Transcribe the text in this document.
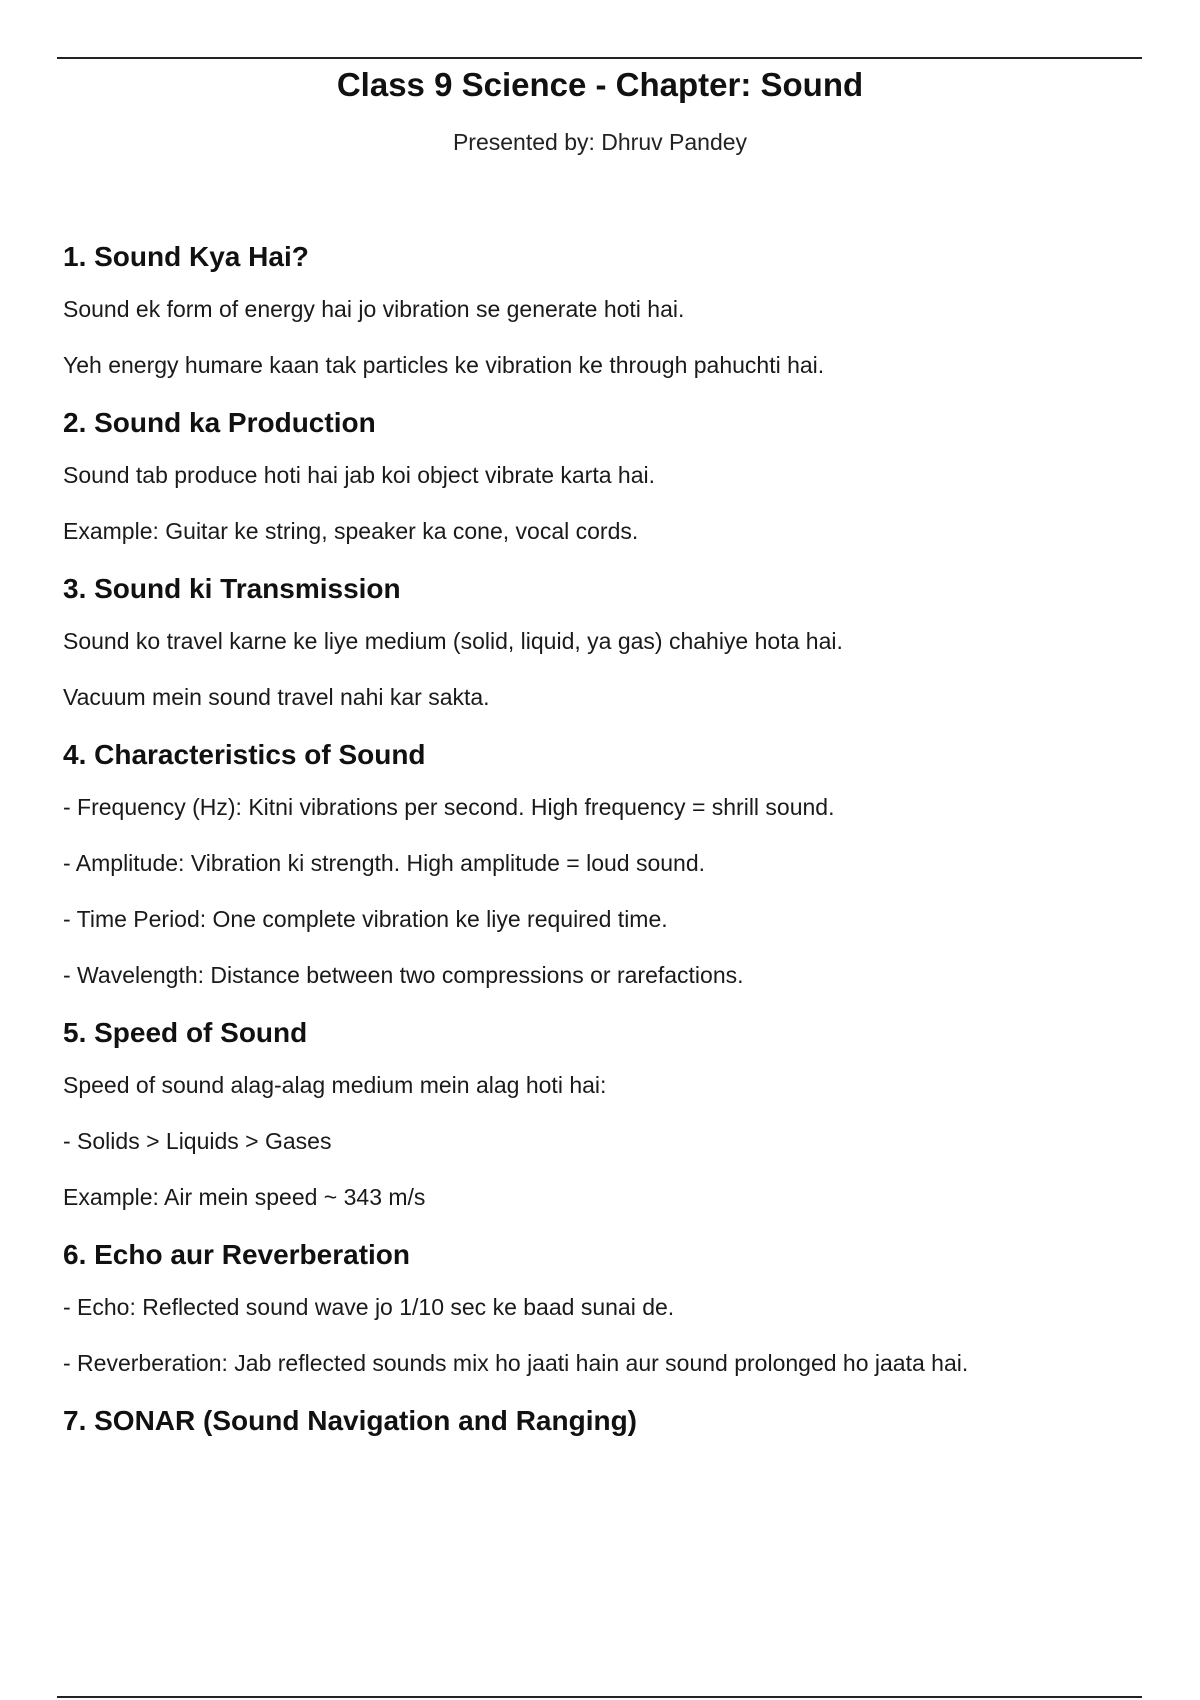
Class 9 Science - Chapter: Sound
Presented by: Dhruv Pandey
1. Sound Kya Hai?

Sound ek form of energy hai jo vibration se generate hoti hai.

Yeh energy humare kaan tak particles ke vibration ke through pahuchti hai.

2. Sound ka Production

Sound tab produce hoti hai jab koi object vibrate karta hai.

Example: Guitar ke string, speaker ka cone, vocal cords.

3. Sound ki Transmission

Sound ko travel karne ke liye medium (solid, liquid, ya gas) chahiye hota hai.

Vacuum mein sound travel nahi kar sakta.

4. Characteristics of Sound

- Frequency (Hz): Kitni vibrations per second. High frequency = shrill sound.

- Amplitude: Vibration ki strength. High amplitude = loud sound.

- Time Period: One complete vibration ke liye required time.

- Wavelength: Distance between two compressions or rarefactions.

5. Speed of Sound

Speed of sound alag-alag medium mein alag hoti hai:

- Solids > Liquids > Gases

Example: Air mein speed ~ 343 m/s

6. Echo aur Reverberation

- Echo: Reflected sound wave jo 1/10 sec ke baad sunai de.

- Reverberation: Jab reflected sounds mix ho jaati hain aur sound prolonged ho jaata hai.

7. SONAR (Sound Navigation and Ranging)
